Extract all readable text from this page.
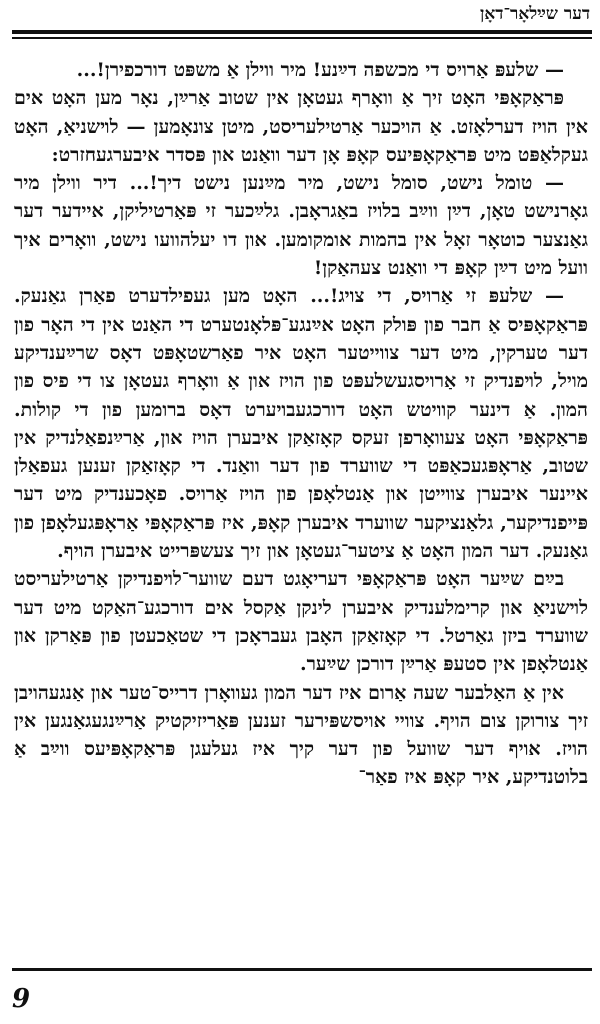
דער שײַלאָר־דאָן

— שלעפּ אַרויס די מכשפה דײַנע! מיר ווילן אַ משפּט דורכפירן!...

פּראַקאָפּי האָט זיך אַ וואָרף געטאָן אין שטוב אַרײַן, נאָר מען האָט אים אין הויז דערלאָזט. אַ הויכער אַרטילעריסט, מיטן צונאָמען — לױשניאַ, האָט געקלאַפּט מיט פּראַקאָפּיעס קאָפּ אָן דער וואַנט און פּסדר איבערגעחזרט:

— טומל נישט, סומל נישט, מיר מײַנען נישט דיך!... דיר ווילן מיר גאָרנישט טאָן, דײַן ווײַב בלויז באַגראָבן. גלײַכער זי פּאַרטיליקן, איידער דער גאַנצער כוטאָר זאָל אין בהמות אומקומען. און דו יעלהוועו נישט, וואָרים איך וועל מיט דײַן קאָפּ די וואַנט צעהאַקן!

— שלעפּ זי אַרויס, די צויג!... האָט מען געפילדערט פאַרן גאַנעק. פּראַקאָפּיס אַ חבר פון פּולק האָט אײַנגע־פּלאָנטערט די האַנט אין די האָר פון דער טערקין, מיט דער צווייטער האָט איר פאַרשטאָפּט דאָס שרײַענדיקע מויל, לױפנדיק זי אַרויסגעשלעפּט פון הויז און אַ וואָרף געטאָן צו די פיס פון המון. אַ דינער קוויטש האָט דורכגעבויערט דאָס ברומען פון די קולות. פּראַקאָפּי האָט צעוואָרפן זעקס קאָזאַקן איבערן הויז און, אַרײַנפאַלנדיק אין שטוב, אַראָפּגעכאַפּט די שווערד פון דער וואַנד. די קאָזאַקן זענען געפאַלן איינער איבערן צווייטן און אַנטלאָפן פון הויז אַרויס. פאָכענדיק מיט דער פּייפנדיקער, גלאַנציקער שווערד איבערן קאָפּ, איז פּראַקאָפּי אַראָפּגעלאָפן פון גאַנעק. דער המון האָט אַ ציטער־געטאָן און זיך צעשפּרייט איבערן הויף.

בײַם שײַער האָט פּראַקאָפּי דעריאָגט דעם שווער־לױפנדיקן אַרטילעריסט לױשניאַ און קרימלענדיק איבערן לינקן אַקסל אים דורכגע־האַקט מיט דער שווערד ביזן גאַרטל. די קאָזאַקן האָבן געבראָכן די שטאַכעטן פון פּאַרקן און אַנטלאָפן אין סטעפּ אַרײַן דורכן שײַער.

אין אַ האַלבער שעה אַרום איז דער המון געוואָרן דרייס־טער און אַנגעהויבן זיך צורוקן צום הויף. צוויי אויסשפּירער זענען פּאַריזיקטיק אַרײַנגעגאַנגען אין הויז. אויף דער שוועל פון דער קיך איז געלעגן פּראַקאָפּיעס ווײַב אַ בלוטנדיקע, איר קאָפּ איז פאַר־

9
